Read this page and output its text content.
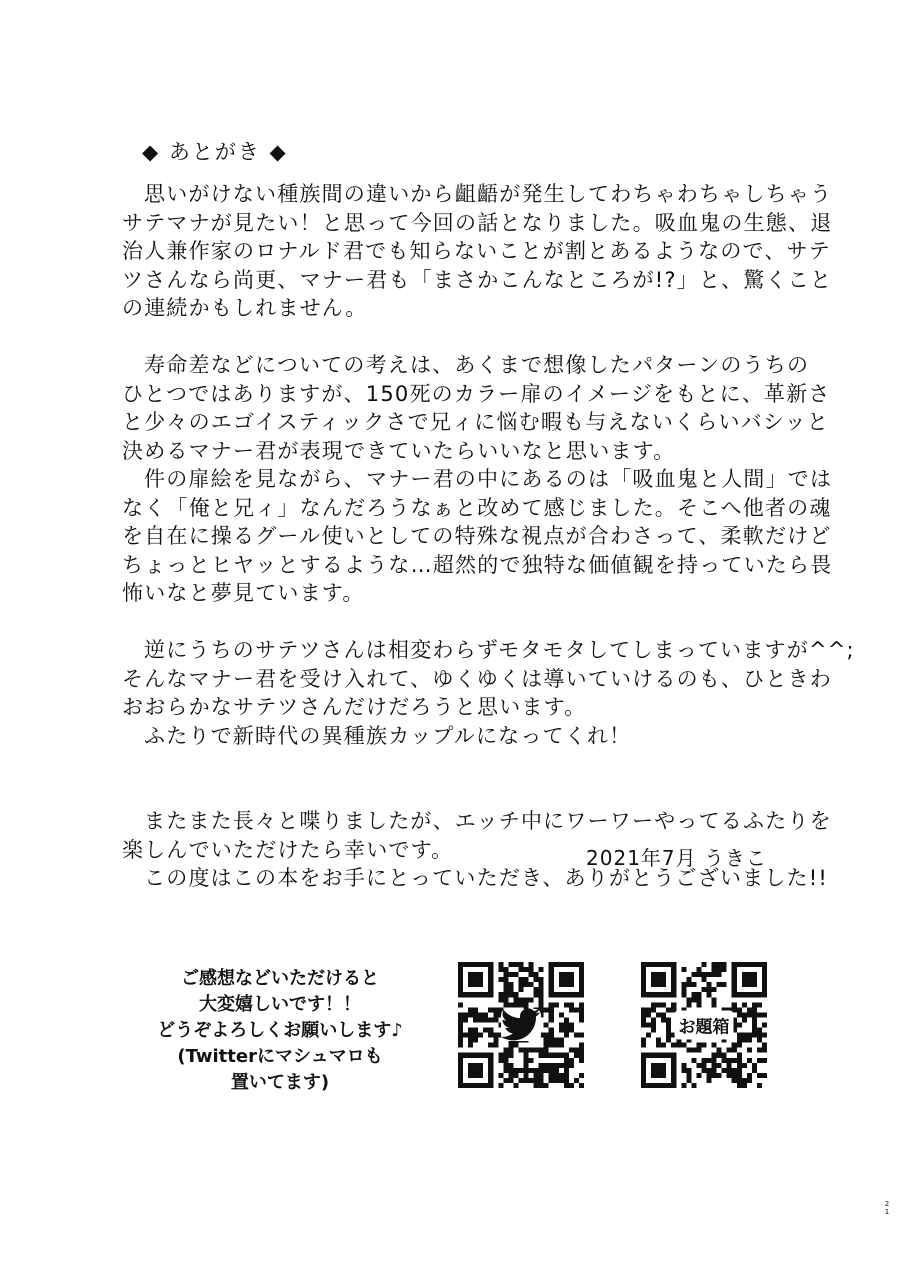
◆ あとがき ◆

思いがけない種族間の違いから齟齬が発生してわちゃわちゃしちゃう
サテマナが見たい！と思って今回の話となりました。吸血鬼の生態、退
治人兼作家のロナルド君でも知らないことが割とあるようなので、サテ
ツさんなら尚更、マナー君も「まさかこんなところが!?」と、驚くこと
の連続かもしれません。

寿命差などについての考えは、あくまで想像したパターンのうちの
ひとつではありますが、150死のカラー扉のイメージをもとに、革新さ
と少々のエゴイスティックさで兄ィに悩む暇も与えないくらいバシッと
決めるマナー君が表現できていたらいいなと思います。

件の扉絵を見ながら、マナー君の中にあるのは「吸血鬼と人間」では
なく「俺と兄ィ」なんだろうなぁと改めて感じました。そこへ他者の魂
を自在に操るグール使いとしての特殊な視点が合わさって、柔軟だけど
ちょっとヒヤッとするような…超然的で独特な価値観を持っていたら畏
怖いなと夢見ています。

逆にうちのサテツさんは相変わらずモタモタしてしまっていますが^^;
そんなマナー君を受け入れて、ゆくゆくは導いていけるのも、ひときわ
おおらかなサテツさんだけだろうと思います。

ふたりで新時代の異種族カップルになってくれ！

またまた長々と喋りましたが、エッチ中にワーワーやってるふたりを
楽しんでいただけたら幸いです。

この度はこの本をお手にとっていただき、ありがとうございました!!

2021年7月 うきこ
ご感想などいただけると
大変嬉しいです！！
どうぞよろしくお願いします♪
(Twitterにマシュマロも
置いてます)
お題箱
21
